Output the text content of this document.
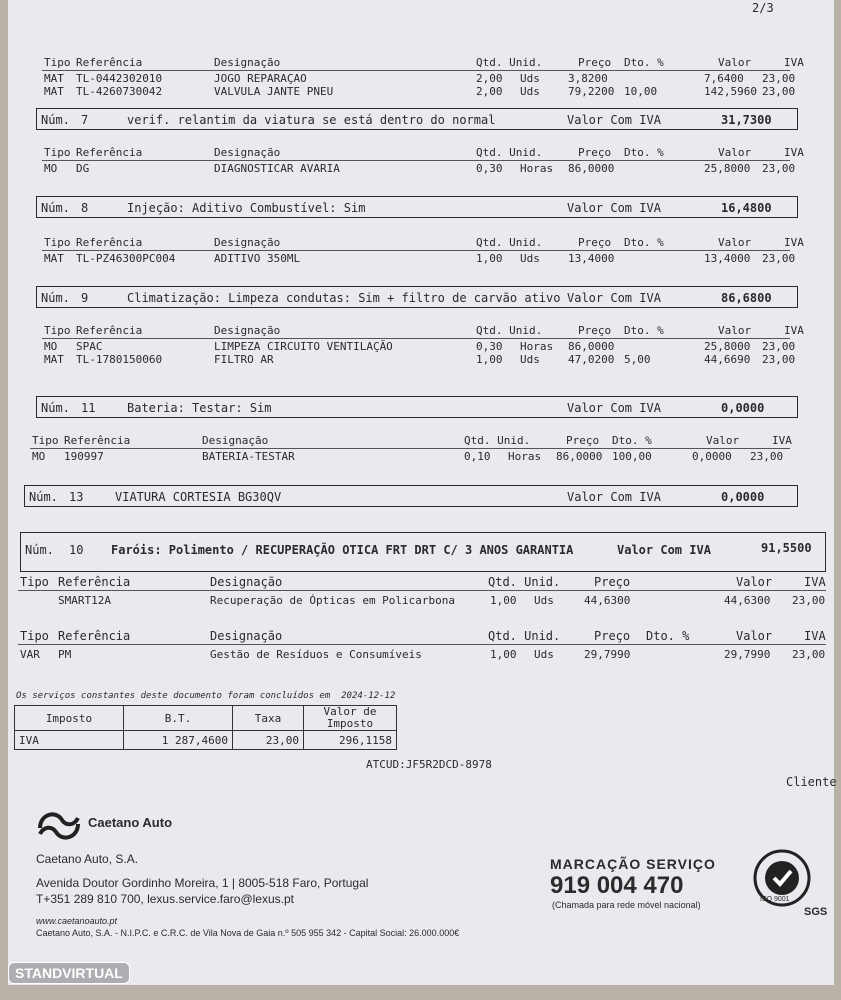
2/3
Tipo Referência	Designação	Qtd. Unid.	Preço Dto. %	Valor	IVA
MAT TL-0442302010	JOGO REPARAÇAO	2,00 Uds	3,8200	7,6400 23,00
MAT TL-4260730042	VALVULA JANTE PNEU	2,00 Uds	79,2200 10,00	142,5960 23,00
Núm. 7	verif. relantim da viatura se está dentro do normal	Valor Com IVA	31,7300
Tipo Referência	Designação	Qtd. Unid.	Preço Dto. %	Valor	IVA
MO DG	DIAGNOSTICAR AVARIA	0,30 Horas 86,0000	25,8000 23,00
Núm. 8	Injeção: Aditivo Combustível: Sim	Valor Com IVA	16,4800
Tipo Referência	Designação	Qtd. Unid.	Preço Dto. %	Valor	IVA
MAT TL-PZ46300PC004	ADITIVO 350ML	1,00 Uds	13,4000	13,4000 23,00
Núm. 9	Climatização: Limpeza condutas: Sim + filtro de carvão ativo Valor Com IVA	86,6800
Tipo Referência	Designação	Qtd. Unid.	Preço Dto. %	Valor	IVA
MO SPAC	LIMPEZA CIRCUITO VENTILAÇÃO	0,30 Horas 86,0000	25,8000 23,00
MAT TL-1780150060	FILTRO AR	1,00 Uds	47,0200 5,00	44,6690 23,00
Núm. 11	Bateria: Testar: Sim	Valor Com IVA	0,0000
Tipo Referência	Designação	Qtd. Unid.	Preço Dto. %	Valor	IVA
MO 190997	BATERIA-TESTAR	0,10 Horas 86,0000 100,00	0,0000 23,00
Núm. 13	VIATURA CORTESIA BG30QV	Valor Com IVA	0,0000
Núm. 10 Faróis: Polimento / RECUPERAÇÃO OTICA FRT DRT C/ 3 ANOS GARANTIA	Valor Com IVA	91,5500
Tipo Referência	Designação	Qtd. Unid.	Preço	Valor	IVA
SMART12A	Recuperação de Ópticas em Policarbona	1,00 Uds	44,6300	44,6300 23,00
Tipo Referência	Designação	Qtd. Unid.	Preço Dto. %	Valor	IVA
VAR PM	Gestão de Resíduos e Consumíveis	1,00 Uds	29,7990	29,7990 23,00
Os serviços constantes deste documento foram concluídos em 2024-12-12
Imposto	B.T.	Taxa	Valor de Imposto
IVA	1 287,4600	23,00	296,1158
ATCUD:JF5R2DCD-8978
Cliente
Caetano Auto
Caetano Auto, S.A.
Avenida Doutor Gordinho Moreira, 1 | 8005-518 Faro, Portugal
T+351 289 810 700, lexus.service.faro@lexus.pt
www.caetanoauto.pt
Caetano Auto, S.A. - N.I.P.C. e C.R.C. de Vila Nova de Gaia n.º 505 955 342 - Capital Social: 26.000.000€
MARCAÇÃO SERVIÇO
919 004 470
(Chamada para rede móvel nacional)
ISO 9001
SGS
STANDVIRTUAL
